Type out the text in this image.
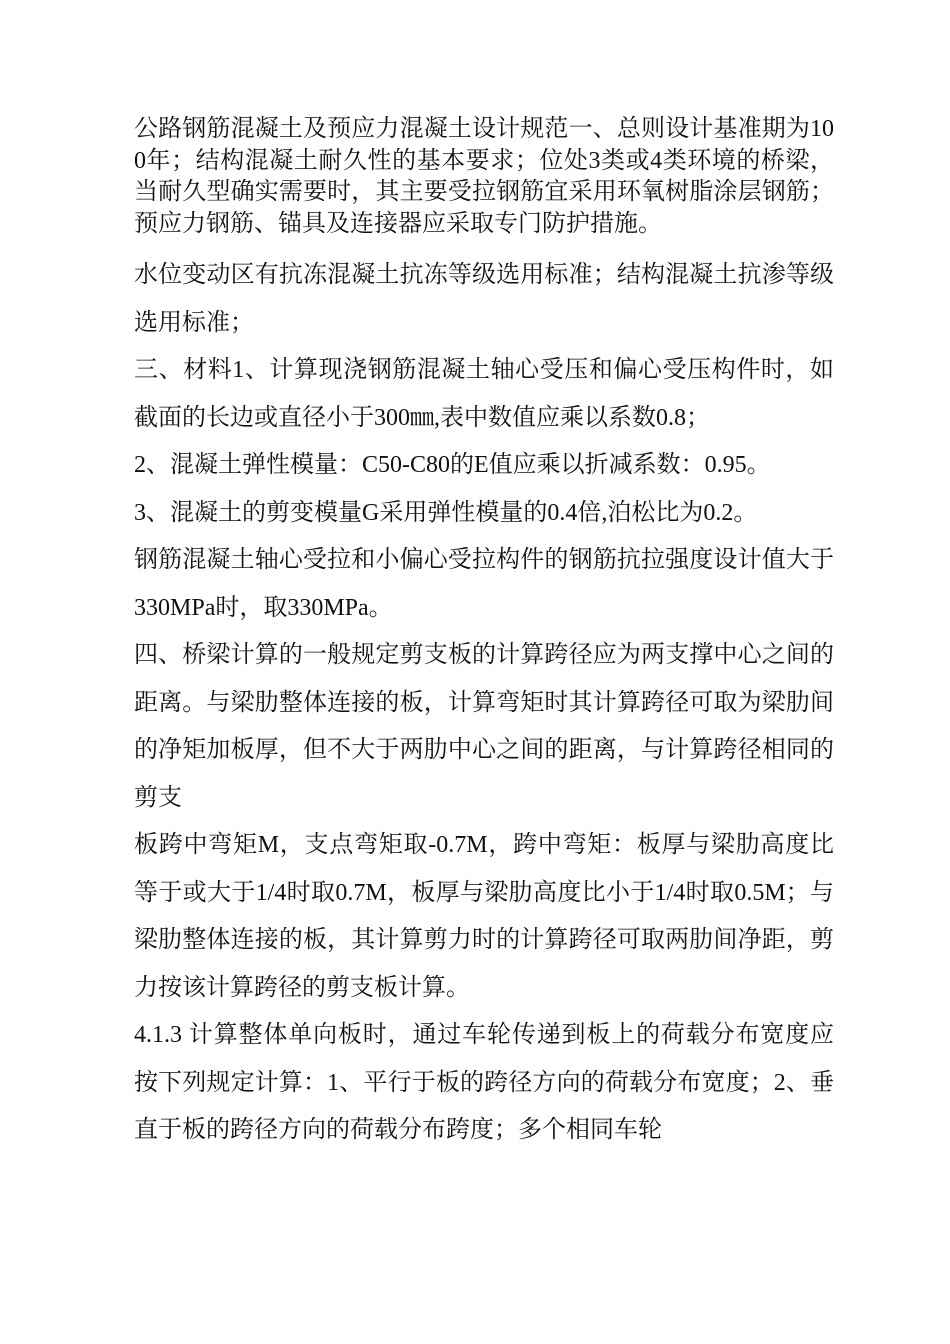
公路钢筋混凝土及预应力混凝土设计规范一、总则设计基准期为100年；结构混凝土耐久性的基本要求；位处3类或4类环境的桥梁，当耐久型确实需要时，其主要受拉钢筋宜采用环氧树脂涂层钢筋；预应力钢筋、锚具及连接器应采取专门防护措施。

水位变动区有抗冻混凝土抗冻等级选用标准；结构混凝土抗渗等级选用标准；

三、材料1、计算现浇钢筋混凝土轴心受压和偏心受压构件时，如截面的长边或直径小于300㎜,表中数值应乘以系数0.8；

2、混凝土弹性模量：C50-C80的E值应乘以折减系数：0.95。

3、混凝土的剪变模量G采用弹性模量的0.4倍,泊松比为0.2。

钢筋混凝土轴心受拉和小偏心受拉构件的钢筋抗拉强度设计值大于330MPa时，取330MPa。

四、桥梁计算的一般规定剪支板的计算跨径应为两支撑中心之间的距离。与梁肋整体连接的板，计算弯矩时其计算跨径可取为梁肋间的净矩加板厚，但不大于两肋中心之间的距离，与计算跨径相同的剪支

板跨中弯矩M，支点弯矩取-0.7M，跨中弯矩：板厚与梁肋高度比等于或大于1/4时取0.7M，板厚与梁肋高度比小于1/4时取0.5M；与梁肋整体连接的板，其计算剪力时的计算跨径可取两肋间净距，剪力按该计算跨径的剪支板计算。

4.1.3 计算整体单向板时，通过车轮传递到板上的荷载分布宽度应按下列规定计算：1、平行于板的跨径方向的荷载分布宽度；2、垂直于板的跨径方向的荷载分布跨度；多个相同车轮
